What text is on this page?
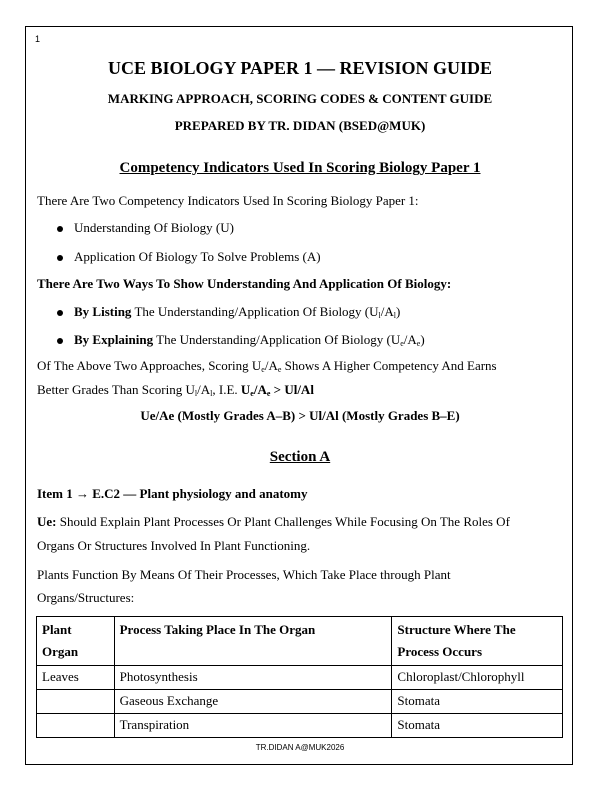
1
UCE BIOLOGY PAPER 1 — REVISION GUIDE
MARKING APPROACH, SCORING CODES & CONTENT GUIDE
PREPARED BY TR. DIDAN (BSED@MUK)
Competency Indicators Used In Scoring Biology Paper 1
There Are Two Competency Indicators Used In Scoring Biology Paper 1:
Understanding Of Biology (U)
Application Of Biology To Solve Problems (A)
There Are Two Ways To Show Understanding And Application Of Biology:
By Listing The Understanding/Application Of Biology $(U_l/A_l)$
By Explaining The Understanding/Application Of Biology $(U_e/A_e)$
Of The Above Two Approaches, Scoring $U_e/A_e$ Shows A Higher Competency And Earns
Better Grades Than Scoring $U_l/A_l$, I.E. $U_e/A_e > Ul/Al$
Ue/Ae (Mostly Grades A–B) > Ul/Al (Mostly Grades B–E)
Section A
Item 1 → E.C2 — Plant physiology and anatomy
Ue: Should Explain Plant Processes Or Plant Challenges While Focusing On The Roles Of
Organs Or Structures Involved In Plant Functioning.
Plants Function By Means Of Their Processes, Which Take Place through Plant
Organs/Structures:
Plant Organ	Process Taking Place In The Organ	Structure Where The Process Occurs
Leaves	Photosynthesis	Chloroplast/Chlorophyll
	Gaseous Exchange	Stomata
	Transpiration	Stomata
TR.DIDAN A@MUK2026
